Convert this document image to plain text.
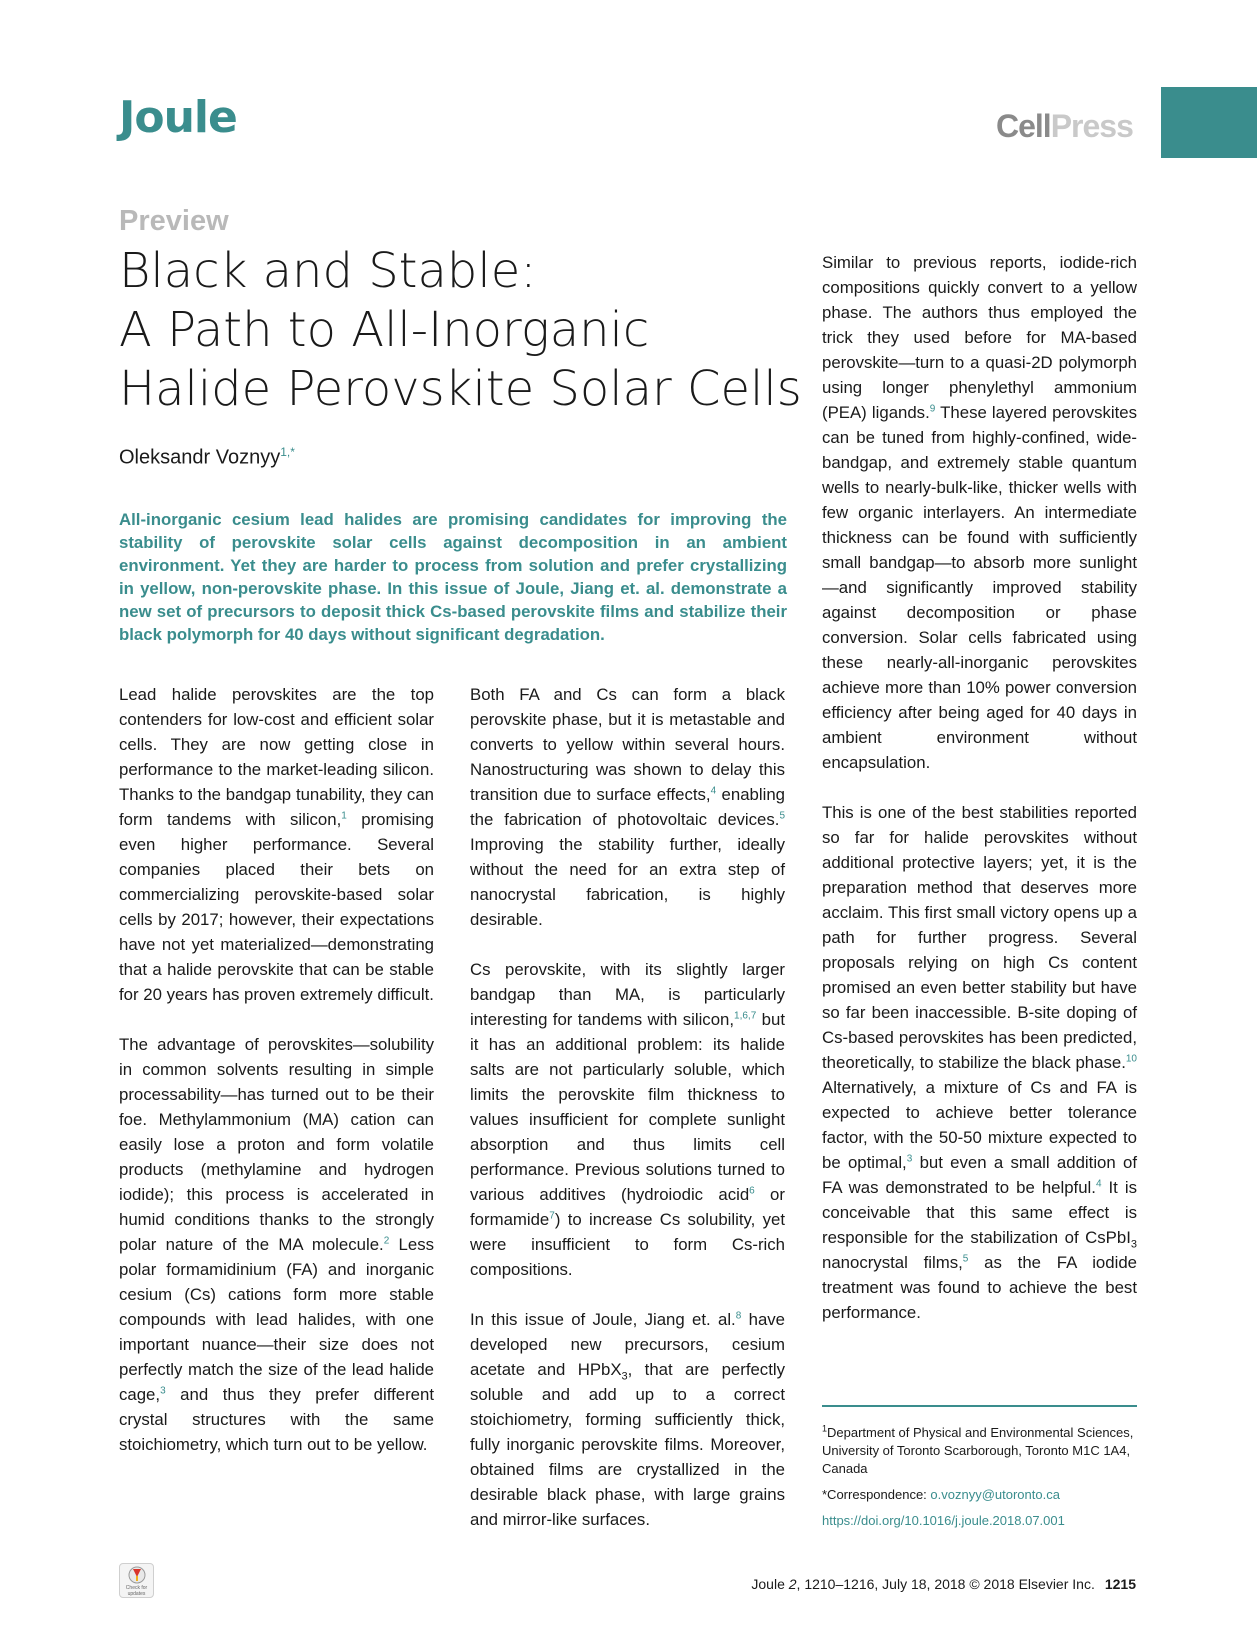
Joule	CellPress
Preview
Black and Stable:
A Path to All-Inorganic
Halide Perovskite Solar Cells
Oleksandr Voznyy$^{1,*}$
All-inorganic cesium lead halides are promising candidates for improving the stability of perovskite solar cells against decomposition in an ambient environment. Yet they are harder to process from solution and prefer crystallizing in yellow, non-perovskite phase. In this issue of Joule, Jiang et. al. demonstrate a new set of precursors to deposit thick Cs-based perovskite films and stabilize their black polymorph for 40 days without significant degradation.

Lead halide perovskites are the top contenders for low-cost and efficient solar cells. They are now getting close in performance to the market-leading silicon. Thanks to the bandgap tunability, they can form tandems with silicon,$^1$ promising even higher performance. Several companies placed their bets on commercializing perovskite-based solar cells by 2017; however, their expectations have not yet materialized—demonstrating that a halide perovskite that can be stable for 20 years has proven extremely difficult.

The advantage of perovskites—solubility in common solvents resulting in simple processability—has turned out to be their foe. Methylammonium (MA) cation can easily lose a proton and form volatile products (methylamine and hydrogen iodide); this process is accelerated in humid conditions thanks to the strongly polar nature of the MA molecule.$^2$ Less polar formamidinium (FA) and inorganic cesium (Cs) cations form more stable compounds with lead halides, with one important nuance—their size does not perfectly match the size of the lead halide cage,$^3$ and thus they prefer different crystal structures with the same stoichiometry, which turn out to be yellow.

Both FA and Cs can form a black perovskite phase, but it is metastable and converts to yellow within several hours. Nanostructuring was shown to delay this transition due to surface effects,$^4$ enabling the fabrication of photovoltaic devices.$^5$ Improving the stability further, ideally without the need for an extra step of nanocrystal fabrication, is highly desirable.

Cs perovskite, with its slightly larger bandgap than MA, is particularly interesting for tandems with silicon,$^{1,6,7}$ but it has an additional problem: its halide salts are not particularly soluble, which limits the perovskite film thickness to values insufficient for complete sunlight absorption and thus limits cell performance. Previous solutions turned to various additives (hydroiodic acid$^6$ or formamide$^7$) to increase Cs solubility, yet were insufficient to form Cs-rich compositions.

In this issue of Joule, Jiang et. al.$^8$ have developed new precursors, cesium acetate and HPbX$_3$, that are perfectly soluble and add up to a correct stoichiometry, forming sufficiently thick, fully inorganic perovskite films. Moreover, obtained films are crystallized in the desirable black phase, with large grains and mirror-like surfaces.

Similar to previous reports, iodide-rich compositions quickly convert to a yellow phase. The authors thus employed the trick they used before for MA-based perovskite—turn to a quasi-2D polymorph using longer phenylethyl ammonium (PEA) ligands.$^9$ These layered perovskites can be tuned from highly-confined, wide-bandgap, and extremely stable quantum wells to nearly-bulk-like, thicker wells with few organic interlayers. An intermediate thickness can be found with sufficiently small bandgap—to absorb more sunlight—and significantly improved stability against decomposition or phase conversion. Solar cells fabricated using these nearly-all-inorganic perovskites achieve more than 10% power conversion efficiency after being aged for 40 days in ambient environment without encapsulation.

This is one of the best stabilities reported so far for halide perovskites without additional protective layers; yet, it is the preparation method that deserves more acclaim. This first small victory opens up a path for further progress. Several proposals relying on high Cs content promised an even better stability but have so far been inaccessible. B-site doping of Cs-based perovskites has been predicted, theoretically, to stabilize the black phase.$^{10}$ Alternatively, a mixture of Cs and FA is expected to achieve better tolerance factor, with the 50-50 mixture expected to be optimal,$^3$ but even a small addition of FA was demonstrated to be helpful.$^4$ It is conceivable that this same effect is responsible for the stabilization of CsPbI$_3$ nanocrystal films,$^5$ as the FA iodide treatment was found to achieve the best performance.

$^1$Department of Physical and Environmental Sciences, University of Toronto Scarborough, Toronto M1C 1A4, Canada

*Correspondence: o.voznyy@utoronto.ca

https://doi.org/10.1016/j.joule.2018.07.001

Check for updates
Joule 2, 1210–1216, July 18, 2018 © 2018 Elsevier Inc. 1215
